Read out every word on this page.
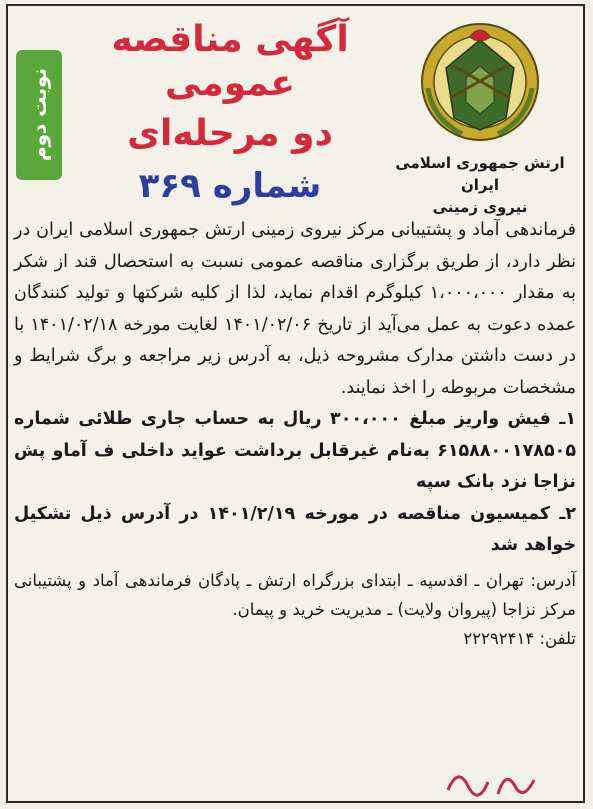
نوبت دوم
آگهی مناقصه عمومی
دو مرحله‌ای
شماره ۳۶۹
ارتش جمهوری اسلامی ایران
نیروی زمینی

فرماندهی آماد و پشتیبانی مرکز نیروی زمینی ارتش جمهوری اسلامی ایران در نظر دارد، از طریق برگزاری مناقصه عمومی نسبت به استحصال قند از شکر به مقدار ۱،۰۰۰،۰۰۰ کیلوگرم اقدام نماید، لذا از کلیه شرکتها و تولید کنندگان عمده دعوت به عمل می‌آید از تاریخ ۱۴۰۱/۰۲/۰۶ لغایت مورخه ۱۴۰۱/۰۲/۱۸ با در دست داشتن مدارک مشروحه ذیل، به آدرس زیر مراجعه و برگ شرایط و مشخصات مربوطه را اخذ نمایند.

۱ـ فیش واریز مبلغ ۳۰۰،۰۰۰ ریال به حساب جاری طلائی شماره ۶۱۵۸۸۰۰۱۷۸۵۰۵ به‌نام غیرقابل برداشت عواید داخلی ف آماو پش نزاجا نزد بانک سپه

۲ـ کمیسیون مناقصه در مورخه ۱۴۰۱/۲/۱۹ در آدرس ذیل تشکیل خواهد شد

آدرس: تهران ـ اقدسیه ـ ابتدای بزرگراه ارتش ـ پادگان فرماندهی آماد و پشتیبانی مرکز نزاجا (پیروان ولایت) ـ مدیریت خرید و پیمان.

تلفن: ۲۲۲۹۲۴۱۴
